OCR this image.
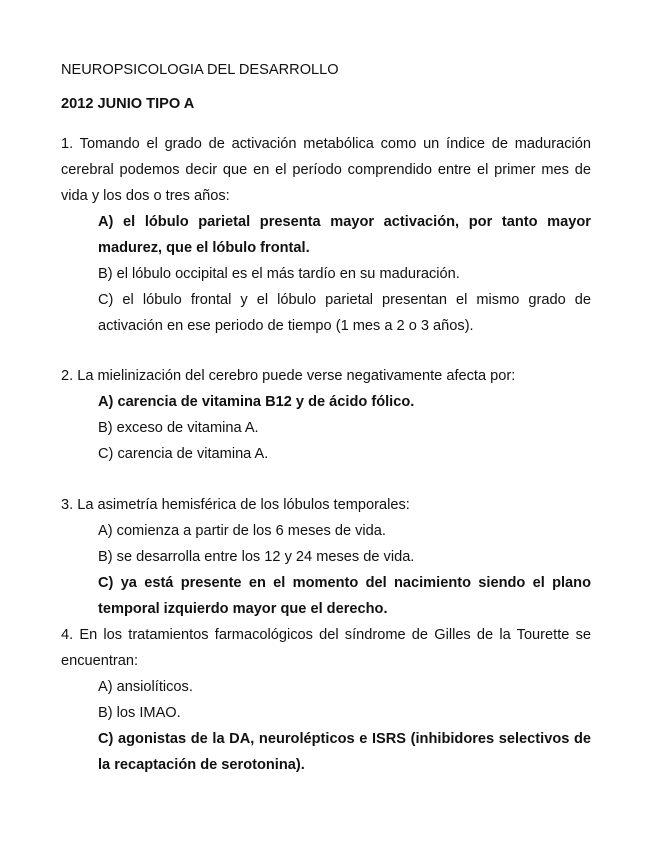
NEUROPSICOLOGIA DEL DESARROLLO
2012 JUNIO TIPO A

1. Tomando el grado de activación metabólica como un índice de maduración cerebral podemos decir que en el período comprendido entre el primer mes de vida y los dos o tres años:

A) el lóbulo parietal presenta mayor activación, por tanto mayor madurez, que el lóbulo frontal.
B) el lóbulo occipital es el más tardío en su maduración.
C) el lóbulo frontal y el lóbulo parietal presentan el mismo grado de activación en ese periodo de tiempo (1 mes a 2 o 3 años).

2. La mielinización del cerebro puede verse negativamente afecta por:

A) carencia de vitamina B12 y de ácido fólico.
B) exceso de vitamina A.
C) carencia de vitamina A.

3. La asimetría hemisférica de los lóbulos temporales:

A) comienza a partir de los 6 meses de vida.
B) se desarrolla entre los 12 y 24 meses de vida.
C) ya está presente en el momento del nacimiento siendo el plano temporal izquierdo mayor que el derecho.

4. En los tratamientos farmacológicos del síndrome de Gilles de la Tourette se encuentran:

A) ansiolíticos.
B) los IMAO.
C) agonistas de la DA, neurolépticos e ISRS (inhibidores selectivos de la recaptación de serotonina).
